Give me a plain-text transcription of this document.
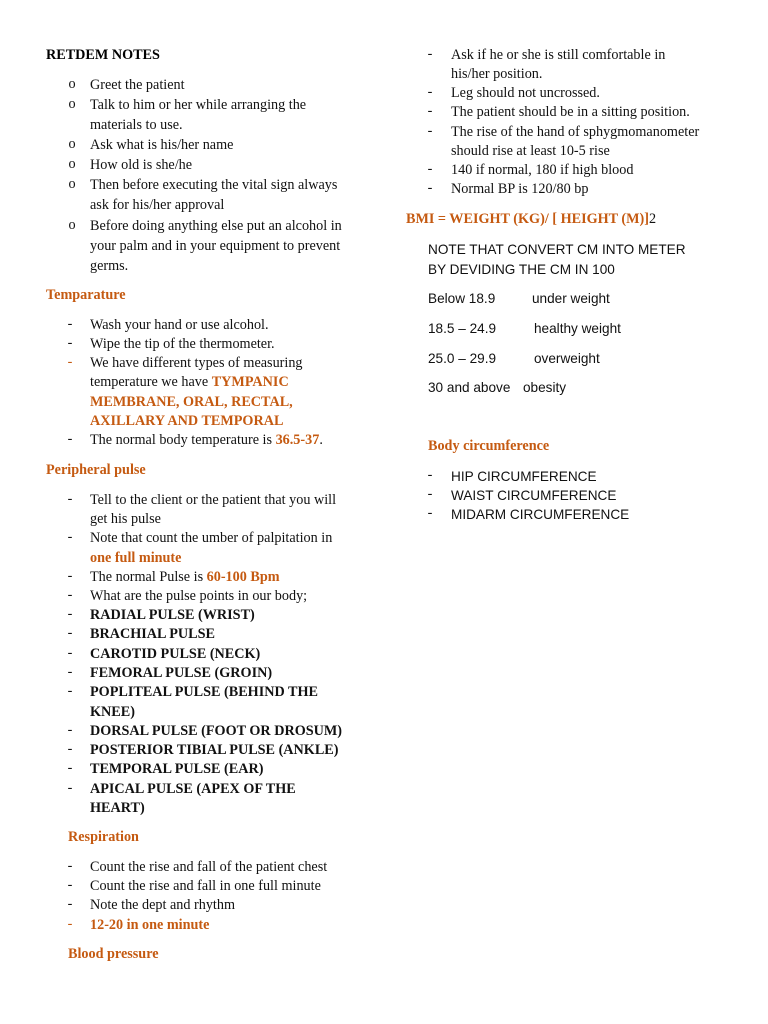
RETDEM NOTES
o Greet the patient
o Talk to him or her while arranging the
materials to use.
o Ask what is his/her name
o How old is she/he
o Then before executing the vital sign always
ask for his/her approval
o Before doing anything else put an alcohol in
your palm and in your equipment to prevent
germs.
Temparature
-	Wash your hand or use alcohol.
-	Wipe the tip of the thermometer.
-	We have different types of measuring
temperature we have TYMPANIC
MEMBRANE, ORAL, RECTAL,
AXILLARY AND TEMPORAL
-	The normal body temperature is 36.5-37.
Peripheral pulse
-	Tell to the client or the patient that you will
get his pulse
-	Note that count the umber of palpitation in
one full minute
-	The normal Pulse is 60-100 Bpm
-	What are the pulse points in our body;
-	RADIAL PULSE (WRIST)
-	BRACHIAL PULSE
-	CAROTID PULSE (NECK)
-	FEMORAL PULSE (GROIN)
-	POPLITEAL PULSE (BEHIND THE
KNEE)
-	DORSAL PULSE (FOOT OR DROSUM)
-	POSTERIOR TIBIAL PULSE (ANKLE)
-	TEMPORAL PULSE (EAR)
-	APICAL PULSE (APEX OF THE
HEART)
Respiration
-	Count the rise and fall of the patient chest
-	Count the rise and fall in one full minute
-	Note the dept and rhythm
-	12-20 in one minute
Blood pressure
-	Ask if he or she is still comfortable in
his/her position.
-	Leg should not uncrossed.
-	The patient should be in a sitting position.
-	The rise of the hand of sphygmomanometer
should rise at least 10-5 rise
-	140 if normal, 180 if high blood
-	Normal BP is 120/80 bp
BMI = WEIGHT (KG)/ [ HEIGHT (M)]2
NOTE THAT CONVERT CM INTO METER
BY DEVIDING THE CM IN 100
Below 18.9	under weight
18.5 – 24.9	healthy weight
25.0 – 29.9	overweight
30 and above obesity
Body circumference
-	HIP CIRCUMFERENCE
-	WAIST CIRCUMFERENCE
-	MIDARM CIRCUMFERENCE
